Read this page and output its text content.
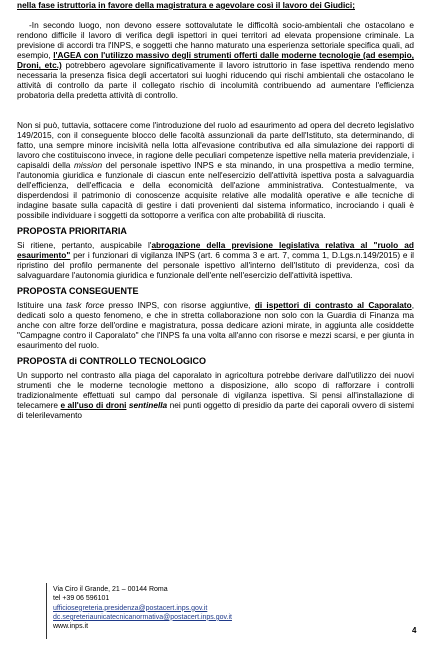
nella fase istruttoria in favore della magistratura e agevolare così il lavoro dei Giudici;

-In secondo luogo, non devono essere sottovalutate le difficoltà socio-ambientali che ostacolano e rendono difficile il lavoro di verifica degli ispettori in quei territori ad elevata propensione criminale. La previsione di accordi tra l'INPS, e soggetti che hanno maturato una esperienza settoriale specifica quali, ad esempio, l'AGEA con l'utilizzo massivo degli strumenti offerti dalle moderne tecnologie (ad esempio, Droni, etc.) potrebbero agevolare significativamente il lavoro istruttorio in fase ispettiva rendendo meno necessaria la presenza fisica degli accertatori sui luoghi riducendo qui rischi ambientali che ostacolano le attività di controllo da parte il collegato rischio di incolumità contribuendo ad aumentare l'efficienza probatoria della predetta attività di controllo.

Non si può, tuttavia, sottacere come l'introduzione del ruolo ad esaurimento ad opera del decreto legislativo 149/2015, con il conseguente blocco delle facoltà assunzionali da parte dell'Istituto, sta determinando, di fatto, una sempre minore incisività nella lotta all'evasione contributiva ed alla simulazione dei rapporti di lavoro che costituiscono invece, in ragione delle peculiari competenze ispettive nella materia previdenziale, i capisaldi della mission del personale ispettivo INPS e sta minando, in una prospettiva a medio termine, l'autonomia giuridica e funzionale di ciascun ente nell'esercizio dell'attività ispettiva posta a salvaguardia dell'efficienza, dell'efficacia e della economicità dell'azione amministrativa. Contestualmente, va disperdendosi il patrimonio di conoscenze acquisite relative alle modalità operative e alle tecniche di indagine basate sulla capacità di gestire i dati provenienti dal sistema informatico, incrociando i quali è possibile individuare i soggetti da sottoporre a verifica con alte probabilità di riuscita.

PROPOSTA PRIORITARIA

Si ritiene, pertanto, auspicabile l'abrogazione della previsione legislativa relativa al "ruolo ad esaurimento" per i funzionari di vigilanza INPS (art. 6 comma 3 e art. 7, comma 1, D.Lgs.n.149/2015) e il ripristino del profilo permanente del personale ispettivo all'interno dell'Istituto di previdenza, così da salvaguardare l'autonomia giuridica e funzionale dell'ente nell'esercizio dell'attività ispettiva.

PROPOSTA CONSEGUENTE

Istituire una task force presso INPS, con risorse aggiuntive, di ispettori di contrasto al Caporalato, dedicati solo a questo fenomeno, e che in stretta collaborazione non solo con la Guardia di Finanza ma anche con altre forze dell'ordine e magistratura, possa dedicare azioni mirate, in aggiunta alle cosiddette "Campagne contro il Caporalato" che l'INPS fa una volta all'anno con risorse e mezzi scarsi, e per giunta in esaurimento del ruolo.

PROPOSTA di CONTROLLO TECNOLOGICO

Un supporto nel contrasto alla piaga del caporalato in agricoltura potrebbe derivare dall'utilizzo dei nuovi strumenti che le moderne tecnologie mettono a disposizione, allo scopo di rafforzare i controlli tradizionalmente effettuati sul campo dal personale di vigilanza ispettiva. Si pensi all'installazione di telecamere e all'uso di droni sentinella nei punti oggetto di presidio da parte dei caporali ovvero di sistemi di telerilevamento

Via Ciro il Grande, 21 – 00144 Roma
tel +39 06 596101
ufficiosegreteria.presidenza@postacert.inps.gov.it
dc.segreteriaunicatecnicanormativa@postacert.inps.gov.it
www.inps.it	4
